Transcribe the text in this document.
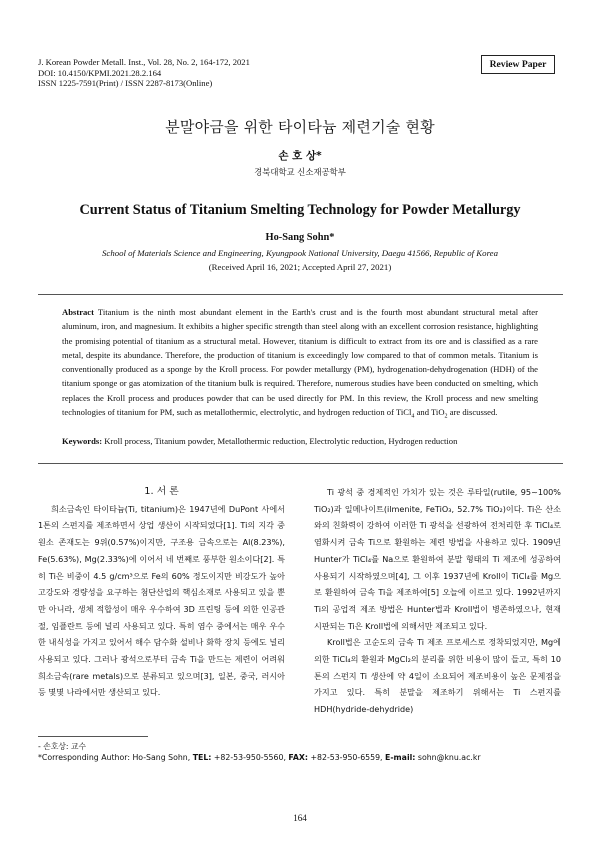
J. Korean Powder Metall. Inst., Vol. 28, No. 2, 164-172, 2021
DOI: 10.4150/KPMI.2021.28.2.164
ISSN 1225-7591(Print) / ISSN 2287-8173(Online)
Review Paper
분말야금을 위한 타이타늄 제련기술 현황
손 호 상*
경북대학교 신소재공학부
Current Status of Titanium Smelting Technology for Powder Metallurgy
Ho-Sang Sohn*
School of Materials Science and Engineering, Kyungpook National University, Daegu 41566, Republic of Korea
(Received April 16, 2021; Accepted April 27, 2021)
Abstract Titanium is the ninth most abundant element in the Earth's crust and is the fourth most abundant structural metal after aluminum, iron, and magnesium. It exhibits a higher specific strength than steel along with an excellent corrosion resistance, highlighting the promising potential of titanium as a structural metal. However, titanium is difficult to extract from its ore and is classified as a rare metal, despite its abundance. Therefore, the production of titanium is exceedingly low compared to that of common metals. Titanium is conventionally produced as a sponge by the Kroll process. For powder metallurgy (PM), hydrogenation-dehydrogenation (HDH) of the titanium sponge or gas atomization of the titanium bulk is required. Therefore, numerous studies have been conducted on smelting, which replaces the Kroll process and produces powder that can be used directly for PM. In this review, the Kroll process and new smelting technologies of titanium for PM, such as metallothermic, electrolytic, and hydrogen reduction of TiCl$_4$ and TiO$_2$ are discussed.
Keywords: Kroll process, Titanium powder, Metallothermic reduction, Electrolytic reduction, Hydrogen reduction

1. 서 론

희소금속인 타이타늄(Ti, titanium)은 1947년에 DuPont 사에서 1톤의 스펀지를 제조하면서 상업 생산이 시작되었다[1]. Ti의 지각 중 원소 존재도는 9위(0.57%)이지만, 구조용 금속으로는 Al(8.23%), Fe(5.63%), Mg(2.33%)에 이어서 네 번째로 풍부한 원소이다[2]. 특히 Ti은 비중이 4.5 g/cm³으로 Fe의 60% 정도이지만 비강도가 높아 고강도와 경량성을 요구하는 첨단산업의 핵심소재로 사용되고 있을 뿐만 아니라, 생체 적합성이 매우 우수하여 3D 프린팅 등에 의한 인공관절, 임플란트 등에 널리 사용되고 있다. 특히 염수 중에서는 매우 우수한 내식성을 가지고 있어서 해수 담수화 설비나 화학 장치 등에도 널리 사용되고 있다. 그러나 광석으로부터 금속 Ti을 만드는 제련이 어려워 희소금속(rare metals)으로 분류되고 있으며[3], 일본, 중국, 러시아 등 몇몇 나라에서만 생산되고 있다.

Ti 광석 중 경제적인 가치가 있는 것은 루타일(rutile, 95~100% TiO₂)과 일메나이트(ilmenite, FeTiO₃, 52.7% TiO₂)이다. Ti은 산소와의 친화력이 강하여 이러한 Ti 광석을 선광하여 전처리한 후 TiCl₄로 염화시켜 금속 Ti으로 환원하는 제련 방법을 사용하고 있다. 1909년 Hunter가 TiCl₄를 Na으로 환원하여 분말 형태의 Ti 제조에 성공하여 사용되기 시작하였으며[4], 그 이후 1937년에 Kroll이 TiCl₄를 Mg으로 환원하여 금속 Ti을 제조하여[5] 오늘에 이르고 있다. 1992년까지 Ti의 공업적 제조 방법은 Hunter법과 Kroll법이 병존하였으나, 현재 시판되는 Ti은 Kroll법에 의해서만 제조되고 있다.

Kroll법은 고순도의 금속 Ti 제조 프로세스로 정착되었지만, Mg에 의한 TiCl₄의 환원과 MgCl₂의 분리를 위한 비용이 많이 들고, 특히 10 톤의 스펀지 Ti 생산에 약 4일이 소요되어 제조비용이 높은 문제점을 가지고 있다. 특히 분말을 제조하기 위해서는 Ti 스펀지를 HDH(hydride-dehydride)

- 손호상: 교수
*Corresponding Author: Ho-Sang Sohn, TEL: +82-53-950-5560, FAX: +82-53-950-6559, E-mail: sohn@knu.ac.kr
164
